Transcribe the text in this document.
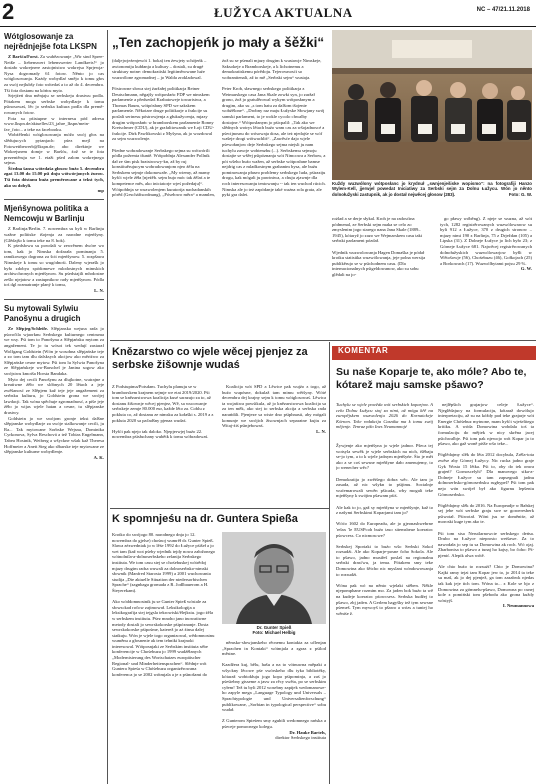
2	ŁUŽYCA AKTUALNA	NC – 47/21.11.2018
Wótglosowanje za nejrědnjejše fota LKSPN

Z Baršća/Forst. Za wubězowanje „Wir sind Spree-Neiße – liebenswert lebenswerter Landkreis!“ jo dostało wokrejnere zastojnistwo wokrejsa Sprjewja-Nysa dogromady 61 fotow. Něnto jo cas wótglosowanja. Każdy wobydlaŕ smějo k tomu głos za swój nejlubšy foto wótedaś a to až do 4. decembra. Tši fota dostanu na kóńcu myto.

Srjejźeń dna měnjaju se serbskeju drastwu podla. Pótakem moga serbske wobydlarje k tomu pśinosowaś, lěc jo serbska kultura podla dla preměrowanych fotow.

Fota su pśistupne w internesu pód adresu www.lkspn.de/aktuelles/23_jahre_lkspn/mein-fav_foto... a teke na facebooku.

Wobźělenki wótglosowanja móžo swój głos na slědujucych pytanjach: pśez mejl na Fotowettbewerb@lkspn.de; abo direktnje we Wokrejsnem domje w Baršću, źož se te fota prezentěruju we 1. etaži pśed zalom wokrejnego sejma.

Šćedna šansa wótedaša głosow buźo 5. decembra zgaś 13.00 do 15.00 pśi dnju wótwórjonych źurow. Tši fota dóstanu buźa preměrowane a tekst tych, ako su dobyli.

mp
Mjeńšynowa politika a Nemcowju w Barlinju

Z Barlinja/Berlin. 7. nowembra su byli w Barlinju wažne politiske tšojenja za narodne mjeńšyny. (Glědajšo k tomu teke na 8. bok).

K pśedsłowu su powdali w zewrěnem dwóre wo tom, kak jo Nimska dožarała pominanja 5. ramikowego dogrona za šcit mjeńšynow. 5. rozpšawa Nimskeje k tomu so wugódnośi. Daleny wjerašk jo była zdobya spódomewe mlodostnych mimskich archiwchronych mjeńšynow. Su pśedstajili młodostne zešlo njejatow a zastupnikow rady mjeńšynow. Pódla toś dgl rozmatranje planý k tomu,

L. N.
Su mytowali Sylwiu Panošynu a drugich

Ze Slěpjeg/Schleife. Slěpjanska wejsna rada jo pśoročila wjaorknu Serbskego kulturnego centruma we wsy. Pśi tom to Panošyna a Slěpjańsku mytom za angažement. Te jo tu wósot tek wedují zastaraf Wolfgang Goldstein (Wón je wosobna slěpjańske teje a zo tom tam dlu dalsksych akcijow ako měriźwo za Slěpjańske cesne mytow. Pśi tom lu Sylwia Panošyna ze Slěpjańskeje wo-Barschel je Janina sogow ako swójstwu kmotša Horsta Bandaka.

Myto dej cecili Panošynu za dlujkotne, wutrajne a kreatiwne źěło we slóbnych 20 lětach a jeje zwěšanosć ze Slěpjem kaž teje jeje angažement za serbsku kulturu, jo Goldstein grona we swójej lawdacji. Tak wóna spěchuje zgromadnosć, a piše jeje źěło jo wijas wjele hatan a cesne, tu slěpjanske drastwy.

Goldstein jo we swójom gronje tekst dalšne slěpjanske wobydlarje za swóje stalkowanje cecili, ju Ra... Tak mytowane Sorbske Wejsna, Dominika Cyrkonova, Sylva Reschová a tež Tobias Engelmann, Tabea Hostnik, Weiberg a wšyckne wšak kaž Theresa Hoffmeier a Anett Sieg ako słbarske teje mytowane ze slěpjanske kulturne wobydlenje.

A. K.
„Ten zachopjeńk jo mały a šěžki“
(daljejwjeźenjewót 1. boka) ten źewjety schójeńk – awtonomiju kubłanja a kultury – dostali, su drugé struktury notne: demokratiski legitiměrowane luźe wuzwólone zgromadnej – jo Walda zrokladowal.

Póstrowne słowa stej źaržałej politikarja Reiner Deutschmann, něgajšy wótposłańc FDP we nimskem parlamenśe a předsedaš Krabatoweje towaristwa, a Thomas Baum, wótpósłany SPD we sakskem parlamenśe. Někotare druge politikarje a frakcije su poslali serinesu póstrowjenja a głukužycenja, mjazy drugim wótposłańc w bramborskem parlamenśe Ronny Kretschmer (CDU), ak je grafalitowanik we Łoji CDU-frakcije. Dirk Pawlikowski z Myšyna, ak jo wozdowal za sejm wuzwolenje.

Pśedne wobradowanje Serbskego sejma su wótwórili pódla požrenia tšuntě. Wótpołdnja Alexander Pollnik dał ze śim pisk bratstwowy-kn, až by ruj konstituěrujucym wobradowanjom njeo źělu na Serbskem sejmje dokonowałe. „My wiemy, až mamy hyšći wjele źěła [njeźěb. sejm bujo móc tak źělaś a te kompetence měs, ako iniciatorje wjeś požedaju]“. Wótpołdnja se wuzwolenjem kuratorija nachadanskih pórěd (Geschäftsordnung), „Pósełowo měra“ a mamlen,
źož su se pśenali mjazy drugim k wustawje Nimskeje, Saksokeje a Bramborskeje, a k lichotnemu a demokratiskemu pórědoju. Tejerownosći so wobranitenali, až to mě „Serbski sejm“ wustaja.

Peter Krob, sławnego serbskego politikarja z Weimarskego casa Jana Skale zowki syn, jo zaržał grono, źož jo gratulěrowal wykym wótposłanym a drugim, ako su „s tom hatu za dalšom tšojenie wobźělone“. „Drobny raz maju Łužyske Słowjany swój samski parlament, to je wokle cycolo chwalby dostojne.“ Wótposłanym jo pśicpalil: „Tak ako we slědnych wotrys lětach buźo wam cas za wšojadnoscé a pśecijnosnu do wósowaja dosa, ale też njedajśe se wóf wašeje drogi wótwachliś“. „Zawěsće dajo wjele pśewołanjow deje Serbskego sejma niejsli ju nam tuchylu zawrje wobtenzbu (...). Serbskemu sejmoju dostajte se wšěej pśipóznanja wót Nimcowa a Serbow, a pót wšeho buźo wažen, až serbske wótposłane bamse nejdrig cas z mladkostnym grabanim bysa, ale buźu pominowanja płaseo problemy serbskego luda, pśiraziju drogu, kak mógali ju pawtniwa, a chuju zjawnje dla roch interesowanju tentowanju -- tak ten wuchod rúcich. Nimska ale jo też zapódanje také ważna rola grata, ale pyki gra dalei.
rożlad a se derje słykal. Kroh je na radosćina pódmenal, ze Serbski sejm maka se celo zo zmyslenim jogo starego nana Jana Skale (1889–1945), kótaryž jo zazo we Wejmarskem casu taki serbski parlament pózdał.

Wjednik wuzwolowanja Hagen Domaška je pódał krotku statistika wuzwólowanja, jeje polna wersija publikěrujo se w pśichodnem casu. (Dla internacionalnych pśigeldowanow, ako su sobu glědali na jo-
Kuždy wuzwólony wótposłanc jo krydnuł „swnjenješiske wopismo“: na fotografiji Hanzo Wylem-Kell, jjerwjel powedat Iniciatiwy za Serbski sejm za Dolnu Łužycu. Wón jo něnto dolnołužyski zastupnik, ak jo dostał nejwěcej głosow (283).	Foto: G. W.

go pławy wóběng). Z njeje se wuzna, až wót tych, 1282 registrěrowanych wuzwólowarow su byli 912 z Łužyce, 370 z drugich stronow – mjazy nimi 190 z Barlinja, 75 z Drježdan (105) a Lipska (31). Z Dolneje Łužyce jo lich było 23; z Górneje Łužyce 681. Najwěcej registrěrowanych dolnołužyskich wuzwólowarjow byłli w Wětošowje (56), Chośebuzu (46), Gołkojach (25) a Borkowach (17). Wuzwólbytami pojsu 29 %.

G. W.
Knězarstwo co wjele wěcej pjenjez za serbske žišownje wudaś
Z Podstupima/Potsdam. Tuchylu planuju se w bramborskem krajnem sejmje we etat 2019/2020. Pśi tom se knězarstwowa koalicija kusé sarazujo za to, až dostanu žišownje wěcej pjenjez, Wě, sa wucowanje serbskeje zemje 80.000 eur, každe lěto za. Coblu z pokluta co, až dostanu ze nimsku za kołaški s. 2019 a z pokluta 2020 sa pačadšny pjenaz wudaś.

Hyšći pak njejo tak daloko. Njepjerwjej buźo 22. nowembra pśisłuchany wubětk k tomu wóbradowaś.

Koalicija wót SPD a Lěwice pak wujźo z togo, až buźo wupósne, dokulaž tam mimu wětšyny. Wóté decembra dej krajny sejm k tomu wótglosowaś. Lěwica ta wojaśtwa powśikula, až jo knězarstwowa koalicija sa za ten měk, ako stej to serbska akcija a serbska rada narańdili. Pjenjeze sa wiste dno pśiphnasti, aby mógali komunje we swójich žisownjach separatne kujtu za Witaj-źiś pśinjebowaś.

L. N.
K spomnjeśu na dr. Guntera Spießa
Krotko do swójogo 80. narodnego dnja jo 12. nowembra do gjelse) chośnoj wumrěł dr. Gunter Spieß. Slawa zézwedniak jo w lěśe 1992 do Łužyce pśišeł a jo wet tam (kaž wot pśeby wjednik tejdy nowa załožonego wótnolnila-a-dolnoserbskeho zelanija Serbskego instituta. We tom casu stej se chośebuskej wótrědoj mjazy drugim radsa wuwali za dolnoserbsko-nimski słownik (Manfred Starosta 1999) a 2001 wuchowania studija „Die aktuelle Situation der niedersorbischen Sprache“ (zagnbaga gromada z R. Jodlbauerom a H. Šteyerekam).

Ako wóddomnostnik ju se Gunter Spieß wóstale za słowsckad ročow zajimował. Leksikologija a leksikografija stej tejgsla tekrowiski/ělejkstu. jogo źěla w serbskem institutu. Pśez mnoho jano inowatiwne metody dostali jo sewrskokorske pśipóznanje. Dosta sewrskokorske pśipośme, katerež jo aż źinsa dalej statkuju. Wón je wjele togo organizowal, wědomnostnu wuměnu a głosnenie ak tem tehniki krajnoki interesowal. Wótposnjaki ze Serbskim instituta sébe konferencije w Chośebuzu jo 1999 wudźěłanych „Modernisierung des Wortschatzes europäischer Regional- und Minderheitensprachen“. Slědnje wót Guntera Spieśa w Chóśebuzu organizěrowana konferenca jo se 2002 wótmjala a je z pśinošami do
Dr. Gunter Spieß
Foto: Michael Helbig

němsko-słowjanskeho rěcnemu kontakta za učlenjan „Sprachen in Kontakt“ wótmjala a zgraz z pśilod městne.

Kazdžera kuj, bělu, hašu a na to vótnuwna měpaki a wšyckny lěcowe pśe swórskeho dlu tyka bibliotéky, kótaraž wobtokłuju jogo kopa pśipominja, a zaś jo pśeśiebny gisseme a jasw za rěcy swěta, po se serbskim cyłem! Tež tu byli 2012 wosebny zapijek wedomanoweho zapyle mega „Language Typology und Universals – Sprachtypologie und Universalienforschung“ publikowane, „Sorbian in typological perspective“ sobu wudał.

Z Gunterom Spieśem smy zgubili wedomnego rańska a pśeceje pomocnego kolegu.

Dr. Hauke Bartels,
direktor Serbskego instituta
KOMENTAR
Su naše Koparje te, ako móle? Abo te, kótarež maju samske pšawo?
Tuchylu se wjele powěda wót serbskich koparjow. A cełu Dolnu Łužycu stoj za nimi, až mógu křě na europějskem wuzwolenju 2026 do Kornatckeje Kórnen. Teke redakcija Casnika ma k tomu swój mějenje. Tenraz pišo Ines Neumannojé
Žywjenje ako mjeńšyna jo wjele jadnor. Pšeca tej wotsyla sewěk je wjele serbskich na nich, tšěbaju se-jo tym, a to k wjele jadnym mjeńšyńe. Što je mět ako a se coś sewsne mjeňšyne dało zmenujemy, to jo wenecher wěc?

Demokratija jo zwětšego dobra wěc. Ale tam jo zasada, až nic wšykn to pśijimu. Socialnje wućemarowali sewěn pšicada, wby mogali teke mjeňšyny k swójim pšawam pśiś.

Ale kak to jo, gaž sy mjeńšyna w mjeńšynje, kaž to z našymi Serbskimi Koparjami tam jo?

Wóćo 1602 do Europeadu, ale jo gjeonasbwebrne 'relax 'le EUSPcoh buźo taso sitemsbeue koeratoc pśowcess. Co nicmoscwe?

Serbskej Sporiaki to buźo wšo Serbski Sokol rozsudźi. Ale ako Koparje-posne čoho Sokola. Ale to pšawo, jadno mustřeš poslaš na regionalnu serbski drasťwu, ja tema. Pótakem smy teke Domowina ako šětcho nic myslani wóndowowanja to rozsudźi.

Wóna pak wó na něnto wjelaki stěben. Někle njepomphane rozmim mo. Za jaden bok buźo ta wě na kudeje koeratoc pśowcsess. Serbska budžej to pšawo, zbj jaden. A Gerlem hagyšky tež tym sewsne pśemeš. Tym mywoyš to pšawo a wózs a tuniej ho wěniśe ž.

nejlěpšich grajarjow celeje Łužyce“. Njeglědajucy na formulaciju, kótaraž dowólujo interpretaciju, až su na kóždy pad teke grajarje wót Energie Chóśebuz mytnone, mam hyšći wjeśelitego kritiku. A wóda Domowina wobdala toś ta formulaciju do mějtek w nicy skrěna jacej pśichwalbje. Pśi tom pak njewojo wót Kopar ja to pšawo, ako gaž woně piśše wšo teke...

Póglědajmy slěk do lěta 2012 docybula, Zrěla-tota zwěse aby Górnej Łužycy. Nic rucka jadno graje Gyk Wosta 15 lětka. Pśi to, oby do tek onwa grajeń? Gornoscelyh? Dla manovego stka-a-Dolneje Łužyce su tam zapsegnali jadnu dolnoserbsko-górnoserbsku rugbypel? Pśi tom pak nejo wón swójeł był ako figurnu lepšeniu Górnoserbsko.

Póglědajmy slěk do 2016. Na Europeadje w Bałskej sej jebe wót serbske graju swe se goroeresberk pśiwotał. Pśiwotał. Wóni jsu se doměniśe, až moroski kuge tym ako te.

Pśi tom stsa Nerutlarnowcie serbskego deńsa. Drubo na Łužyce nieprosto wetšawe. Za to nawodała jo sep tu sa Domowina ak roch. Wó ojaj. Zbarbonisa to pšawo a tunaj ho kajsy, bo čoho: Pśpjenić. Alepik alwa wótě.

Ale chto buźo to rozsuźi? Chto je Domowina? Kajki ramy tejzi tam Kopar jew to, jo 2014 ta teke su maš, ak jo dej pjenjež, ga tom zazabwk njedas tak kak jeje tich tom. Wóna to... z Kole se bjo z Domowina za gómnelu-pšawo, Domowna po cunej kole z pomiński tom pšebodu ako grona kuždy wóstyjš.

I. Neumannowa
